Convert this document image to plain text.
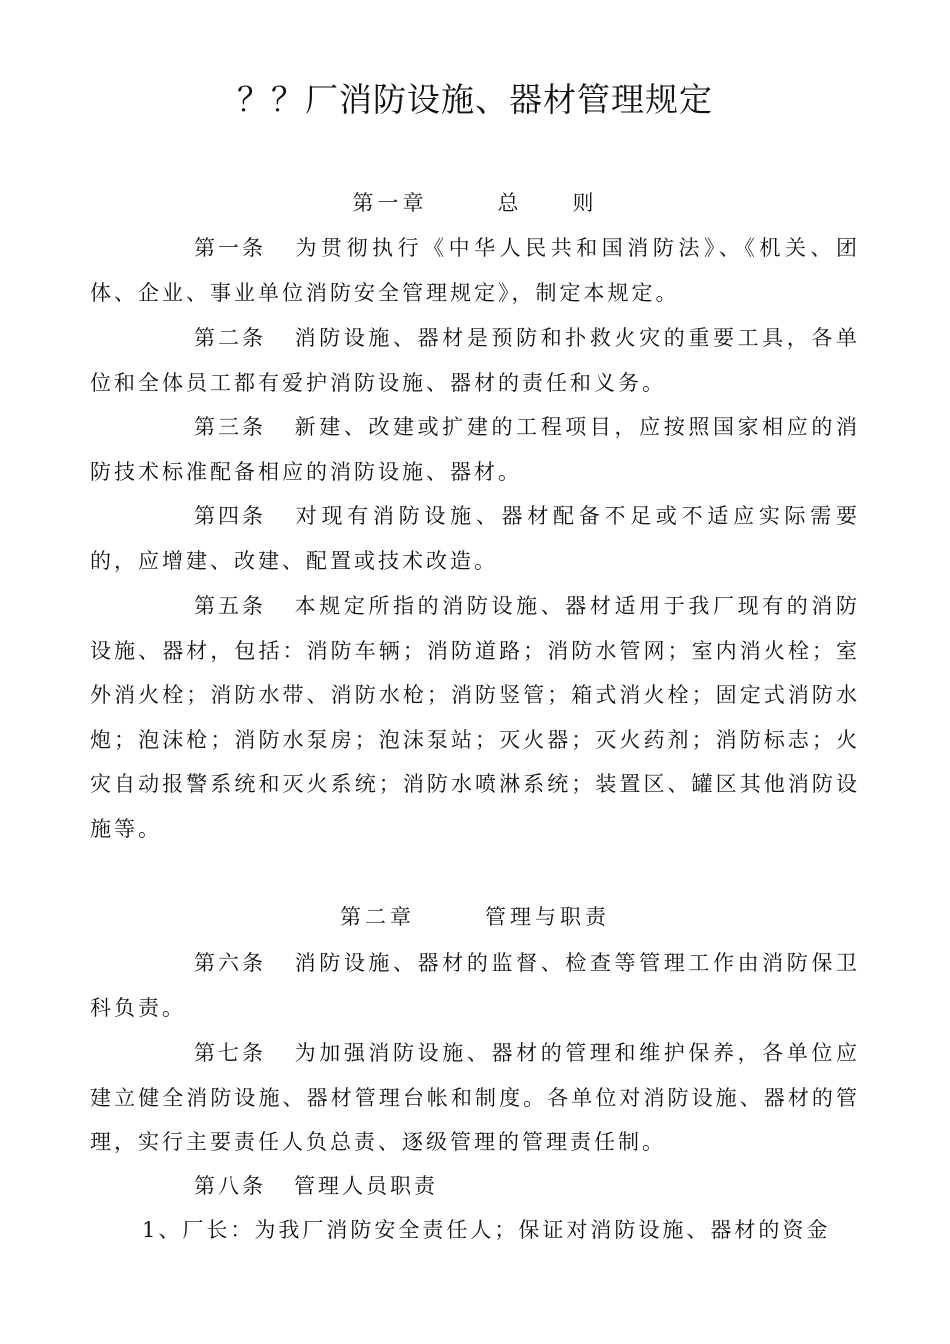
？？厂消防设施、器材管理规定
第一章	总 则

第一条 为贯彻执行《中华人民共和国消防法》、《机关、团体、企业、事业单位消防安全管理规定》，制定本规定。

第二条 消防设施、器材是预防和扑救火灾的重要工具，各单位和全体员工都有爱护消防设施、器材的责任和义务。

第三条 新建、改建或扩建的工程项目，应按照国家相应的消防技术标准配备相应的消防设施、器材。

第四条 对现有消防设施、器材配备不足或不适应实际需要的，应增建、改建、配置或技术改造。

第五条 本规定所指的消防设施、器材适用于我厂现有的消防设施、器材，包括：消防车辆；消防道路；消防水管网；室内消火栓；室外消火栓；消防水带、消防水枪；消防竖管；箱式消火栓；固定式消防水炮；泡沫枪；消防水泵房；泡沫泵站；灭火器；灭火药剂；消防标志；火灾自动报警系统和灭火系统；消防水喷淋系统；装置区、罐区其他消防设施等。

第二章	管理与职责

第六条 消防设施、器材的监督、检查等管理工作由消防保卫科负责。

第七条 为加强消防设施、器材的管理和维护保养，各单位应建立健全消防设施、器材管理台帐和制度。各单位对消防设施、器材的管理，实行主要责任人负总责、逐级管理的管理责任制。

第八条 管理人员职责

1、厂长：为我厂消防安全责任人；保证对消防设施、器材的资金
